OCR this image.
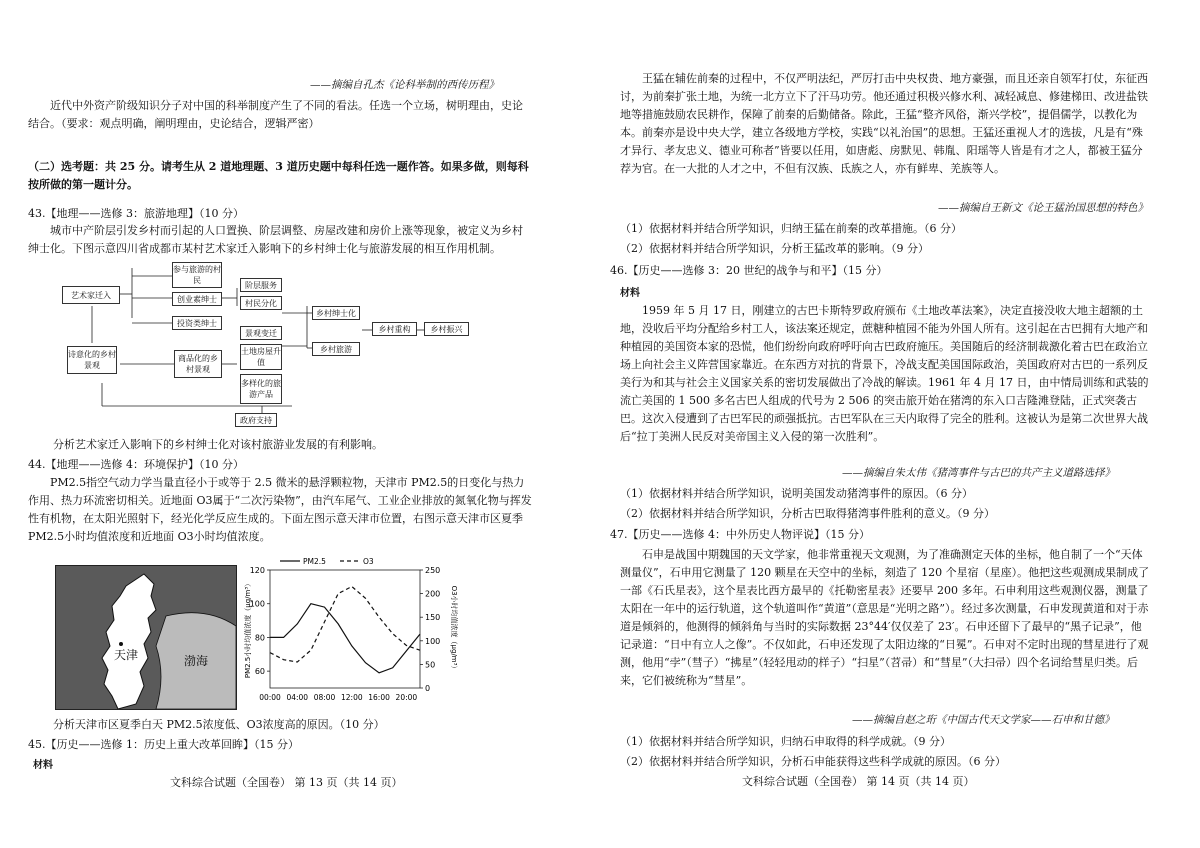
——摘编自孔杰《论科举制的西传历程》
近代中外资产阶级知识分子对中国的科举制度产生了不同的看法。任选一个立场，树明理由，史论结合。（要求：观点明确，阐明理由，史论结合，逻辑严密）
（二）选考题：共 25 分。请考生从 2 道地理题、3 道历史题中每科任选一题作答。如果多做，则每科按所做的第一题计分。
43.【地理——选修 3：旅游地理】（10 分）
城市中产阶层引发乡村而引起的人口置换、阶层调整、房屋改建和房价上涨等现象，被定义为乡村绅士化。下图示意四川省成都市某村艺术家迁入影响下的乡村绅士化与旅游发展的相互作用机制。
分析艺术家迁入影响下的乡村绅士化对该村旅游业发展的有利影响。
44.【地理——选修 4：环境保护】（10 分）
PM2.5指空气动力学当量直径小于或等于 2.5 微米的悬浮颗粒物，天津市 PM2.5的日变化与热力作用、热力环流密切相关。近地面 O3属于“二次污染物”，由汽车尾气、工业企业排放的氮氧化物与挥发性有机物，在太阳光照射下，经光化学反应生成的。下面左图示意天津市位置，右图示意天津市区夏季 PM2.5小时均值浓度和近地面 O3小时均值浓度。
分析天津市区夏季白天 PM2.5浓度低、O3浓度高的原因。（10 分）
45.【历史——选修 1：历史上重大改革回眸】（15 分）
材料
文科综合试题（全国卷） 第 13 页（共 14 页）
艺术家迁入
参与旅游的村民
创业素绅士
投资类绅士
阶层服务
村民分化
景观变迁
土地房屋升值
多样化的旅游产品
乡村绅士化
乡村旅游
乡村重构	乡村振兴
诗意化的乡村景观
商品化的乡村景观
政府支持
天津	渤海
60
80
100
120
0
50
100
150
200
250
00:00 04:00 08:00 12:00 16:00 20:00
PM2.5	O3
PM2.5小时均值浓度（μg/m³）	O3小时均值浓度（μg/m³）
王猛在辅佐前秦的过程中，不仅严明法纪，严厉打击中央权贵、地方豪强，而且还亲自领军打仗，东征西讨，为前秦扩张土地，为统一北方立下了汗马功劳。他还通过积极兴修水利、减轻减息、修建梯田、改进盐铁地等措施鼓励农民耕作，保障了前秦的后勤储备。除此，王猛“整齐风俗，渐兴学校”，提倡儒学，以教化为本。前秦亦是设中央大学，建立各级地方学校，实践“以礼治国”的思想。王猛还重视人才的选拔，凡是有“殊才异行、孝友忠义、德业可称者”皆要以任用，如唐彪、房默见、韩胤、阳瑶等人皆是有才之人，都被王猛分荐为官。在一大批的人才之中，不但有汉族、氐族之人，亦有鲜卑、羌族等人。
——摘编自王新文《论王猛治国思想的特色》
（1）依据材料并结合所学知识，归纳王猛在前秦的改革措施。（6 分）
（2）依据材料并结合所学知识，分析王猛改革的影响。（9 分）
46.【历史——选修 3：20 世纪的战争与和平】（15 分）
材料
1959 年 5 月 17 日，刚建立的古巴卡斯特罗政府颁布《土地改革法案》，决定直接没收大地主超额的土地，没收后平均分配给乡村工人，该法案还规定，蔗糖种植园不能为外国人所有。这引起在古巴拥有大地产和种植园的美国资本家的恐慌，他们纷纷向政府呼吁向古巴政府施压。美国随后的经济制裁激化着古巴在政治立场上向社会主义阵营国家靠近。在东西方对抗的背景下，冷战支配美国国际政治，美国政府对古巴的一系列反美行为和其与社会主义国家关系的密切发展做出了冷战的解读。1961 年 4 月 17 日，由中情局训练和武装的流亡美国的 1 500 多名古巴人组成的代号为 2 506 的突击旅开始在猪湾的东入口吉隆滩登陆，正式突袭古巴。这次入侵遭到了古巴军民的顽强抵抗。古巴军队在三天内取得了完全的胜利。这被认为是第二次世界大战后“拉丁美洲人民反对美帝国主义入侵的第一次胜利”。
——摘编自朱太伟《猪湾事件与古巴的共产主义道路选择》
（1）依据材料并结合所学知识，说明美国发动猪湾事件的原因。（6 分）
（2）依据材料并结合所学知识，分析古巴取得猪湾事件胜利的意义。（9 分）
47.【历史——选修 4：中外历史人物评说】（15 分）
石申是战国中期魏国的天文学家，他非常重视天文观测，为了准确测定天体的坐标，他自制了一个“天体测量仪”，石申用它测量了 120 颗星在天空中的坐标，刻造了 120 个星宿（星座）。他把这些观测成果制成了一部《石氏星表》，这个星表比西方最早的《托勒密星表》还要早 200 多年。石申利用这些观测仪器，测量了太阳在一年中的运行轨道，这个轨道叫作“黄道”（意思是“光明之路”）。经过多次测量，石申发现黄道和对于赤道是倾斜的，他测得的倾斜角与当时的实际数据 23°44′仅仅差了 23′。石申还留下了最早的“黑子记录”，他记录道：“日中有立人之像”。不仅如此，石申还发现了太阳边缘的“日冕”。石申对不定时出现的彗星进行了观测，他用“孛”（彗子）“拂星”（轻轻甩动的样子）“扫星”（苕帚）和“彗星”（大扫帚）四个名词给彗星归类。后来，它们被统称为“彗星”。
——摘编自赵之珩《中国古代天文学家——石申和甘德》
（1）依据材料并结合所学知识，归纳石申取得的科学成就。（9 分）
（2）依据材料并结合所学知识，分析石申能获得这些科学成就的原因。（6 分）
文科综合试题（全国卷） 第 14 页（共 14 页）
